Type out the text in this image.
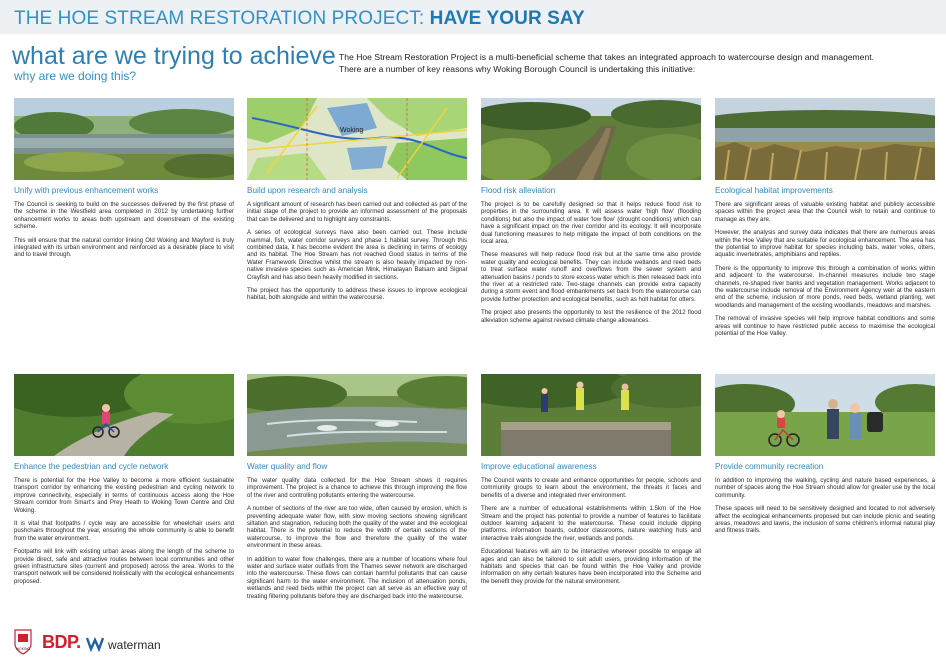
THE HOE STREAM RESTORATION PROJECT: HAVE YOUR SAY
what are we trying to achieve
why are we doing this?

The Hoe Stream Restoration Project is a multi-beneficial scheme that takes an integrated approach to watercourse design and management.

There are a number of key reasons why Woking Borough Council is undertaking this initiative:

Unify with previous enhancement works

The Council is seeking to build on the successes delivered by the first phase of the scheme in the Westfield area completed in 2012 by undertaking further enhancement works to areas both upstream and downstream of the existing scheme.

This will ensure that the natural corridor linking Old Woking and Mayford is truly integrated with its urban environment and reinforced as a desirable place to visit and to travel through.

Woking
Build upon research and analysis

A significant amount of research has been carried out and collected as part of the initial stage of the project to provide an informed assessment of the proposals that can be delivered and to highlight any constraints.

A series of ecological surveys have also been carried out. These include mammal, fish, water corridor surveys and phase 1 habitat survey. Through this combined data, it has become evident the area is declining in terms of ecology and its habitat. The Hoe Stream has not reached Good status in terms of the Water Framework Directive whilst the stream is also heavily impacted by non-native invasive species such as American Mink, Himalayan Balsam and Signal Crayfish and has also been heavily modified in sections.

The project has the opportunity to address these issues to improve ecological habitat, both alongside and within the watercourse.

Flood risk alleviation

The project is to be carefully designed so that it helps reduce flood risk to properties in the surrounding area. It will assess water 'high flow' (flooding conditions) but also the impact of water 'low flow' (drought conditions) which can have a significant impact on the river corridor and its ecology. It will incorporate dual functioning measures to help mitigate the impact of both conditions on the local area.

These measures will help reduce flood risk but at the same time also provide water quality and ecological benefits. They can include wetlands and reed beds to treat surface water runoff and overflows from the sewer system and attenuation basins / ponds to store excess water which is then released back into the river at a restricted rate. Two-stage channels can provide extra capacity during a storm event and flood embankments set back from the watercourse can provide further protection and ecological benefits, such as holt habitat for otters.

The project also presents the opportunity to test the resilience of the 2012 flood alleviation scheme against revised climate change allowances.

Ecological habitat improvements

There are significant areas of valuable existing habitat and publicly accessible spaces within the project area that the Council wish to retain and continue to manage as they are.

However, the analysis and survey data indicates that there are numerous areas within the Hoe Valley that are suitable for ecological enhancement. The area has the potential to improve habitat for species including bats, water voles, otters, aquatic invertebrates, amphibians and reptiles.

There is the opportunity to improve this through a combination of works within and adjacent to the watercourse. In-channel measures include two stage channels, re-shaped river banks and vegetation management. Works adjacent to the watercourse include removal of the Environment Agency weir at the eastern end of the scheme, inclusion of more ponds, reed beds, wetland planting, wet woodlands and management of the existing woodlands, meadows and marshes.

The removal of invasive species will help improve habitat conditions and some areas will continue to have restricted public access to maximise the ecological potential of the Hoe Valley.

Enhance the pedestrian and cycle network

There is potential for the Hoe Valley to become a more efficient sustainable transport corridor by enhancing the existing pedestrian and cycling network to improve connectivity, especially in terms of continuous access along the Hoe Stream corridor from Smart's and Prey Heath to Woking Town Centre and Old Woking.

It is vital that footpaths / cycle way are accessible for wheelchair users and pushchairs throughout the year, ensuring the whole community is able to benefit from the water environment.

Footpaths will link with existing urban areas along the length of the scheme to provide direct, safe and attractive routes between local communities and other green infrastructure sites (current and proposed) across the area. Works to the transport network will be considered holistically with the ecological enhancements proposed.

Water quality and flow

The water quality data collected for the Hoe Stream shows it requires improvement. The project is a chance to achieve this through improving the flow of the river and controlling pollutants entering the watercourse.

A number of sections of the river are too wide, often caused by erosion, which is preventing adequate water flow, with slow moving sections showing significant siltation and stagnation, reducing both the quality of the water and the ecological habitat. There is the potential to reduce the width of certain sections of the watercourse, to improve the flow and therefore the quality of the water environment in these areas.

In addition to water flow challenges, there are a number of locations where foul water and surface water outfalls from the Thames sewer network are discharged into the watercourse. These flows can contain harmful pollutants that can cause significant harm to the water environment. The inclusion of attenuation ponds, wetlands and reed beds within the project can all serve as an effective way of treating filtering pollutants before they are discharged back into the watercourse.

Improve educational awareness

The Council wants to create and enhance opportunities for people, schools and community groups to learn about the environment, the threats it faces and benefits of a diverse and integrated river environment.

There are a number of educational establishments within 1.5km of the Hoe Stream and the project has potential to provide a number of features to facilitate outdoor learning adjacent to the watercourse. These could include dipping platforms, information boards, outdoor classrooms, nature watching huts and interactive trails alongside the river, wetlands and ponds.

Educational features will aim to be interactive wherever possible to engage all ages and can also be tailored to suit adult users, providing information of the habitats and species that can be found within the Hoe Valley and provide information on why certain features have been incorporated into the Scheme and the benefit they provide for the natural environment.

Provide community recreation

In addition to improving the walking, cycling and nature based experiences, a number of spaces along the Hoe Stream should allow for greater use by the local community.

These spaces will need to be sensitively designed and located to not adversely affect the ecological enhancements proposed but can include picnic and seating areas, meadows and lawns, the inclusion of some children's informal natural play and fitness trails.

WOKING BDP. waterman
